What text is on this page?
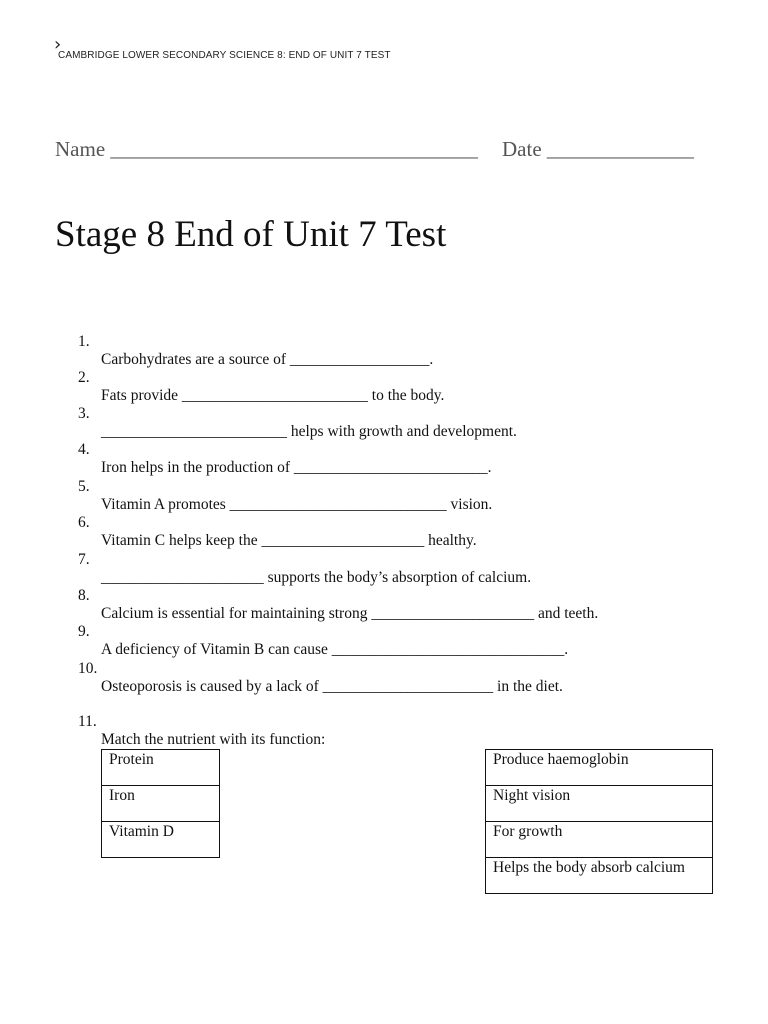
›
CAMBRIDGE LOWER SECONDARY SCIENCE 8: END OF UNIT 7 TEST
Name ___________________________________ Date ______________
Stage 8 End of Unit 7 Test

1.

Carbohydrates are a source of __________________.

2.

Fats provide ________________________ to the body.

3.

________________________ helps with growth and development.

4.

Iron helps in the production of _________________________.

5.

Vitamin A promotes ____________________________ vision.

6.

Vitamin C helps keep the _____________________ healthy.

7.

_____________________ supports the body’s absorption of calcium.

8.

Calcium is essential for maintaining strong _____________________ and teeth.

9.

A deficiency of Vitamin B can cause ______________________________.

10.

Osteoporosis is caused by a lack of ______________________ in the diet.

11.

Match the nutrient with its function:

Protein
Iron
Vitamin D
Produce haemoglobin
Night vision
For growth
Helps the body absorb calcium
